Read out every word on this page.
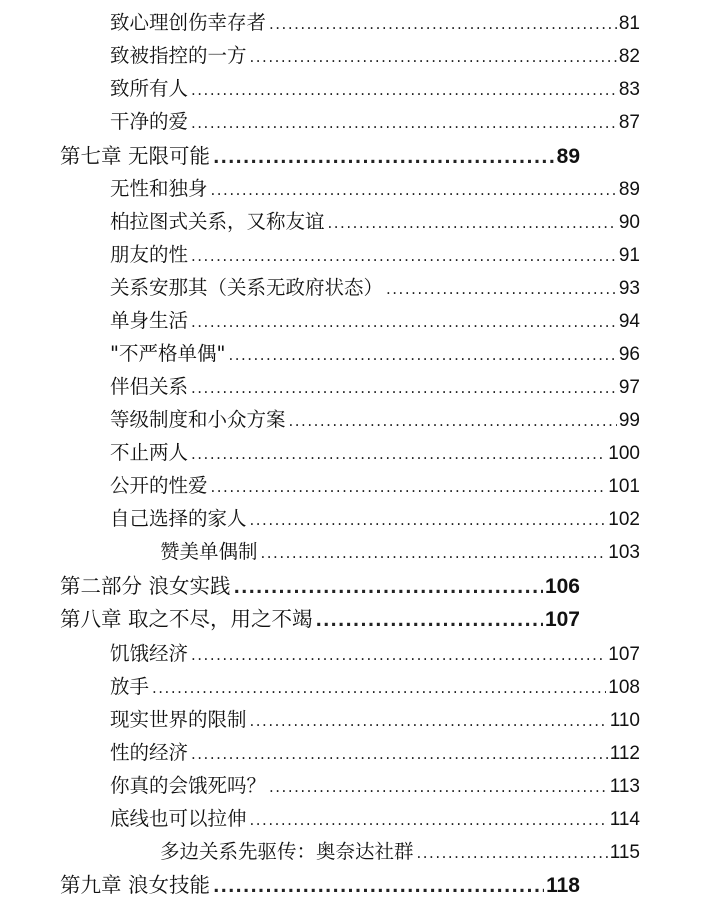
致心理创伤幸存者 .....	81
致被指控的一方 .....	82
致所有人 .....	83
干净的爱 .....	87
第七章 无限可能 .....	89
无性和独身 .....	89
柏拉图式关系，又称友谊 .....	90
朋友的性 .....	91
关系安那其（关系无政府状态） .....	93
单身生活 .....	94
"不严格单偶" .....	96
伴侣关系 .....	97
等级制度和小众方案 .....	99
不止两人 .....	100
公开的性爱 .....	101
自己选择的家人 .....	102
赞美单偶制 .....	103
第二部分 浪女实践 .....	106
第八章 取之不尽，用之不竭 .....	107
饥饿经济 .....	107
放手 .....	108
现实世界的限制 .....	110
性的经济 .....	112
你真的会饿死吗？ .....	113
底线也可以拉伸 .....	114
多边关系先驱传：奥奈达社群 .....	115
第九章 浪女技能 .....	118
